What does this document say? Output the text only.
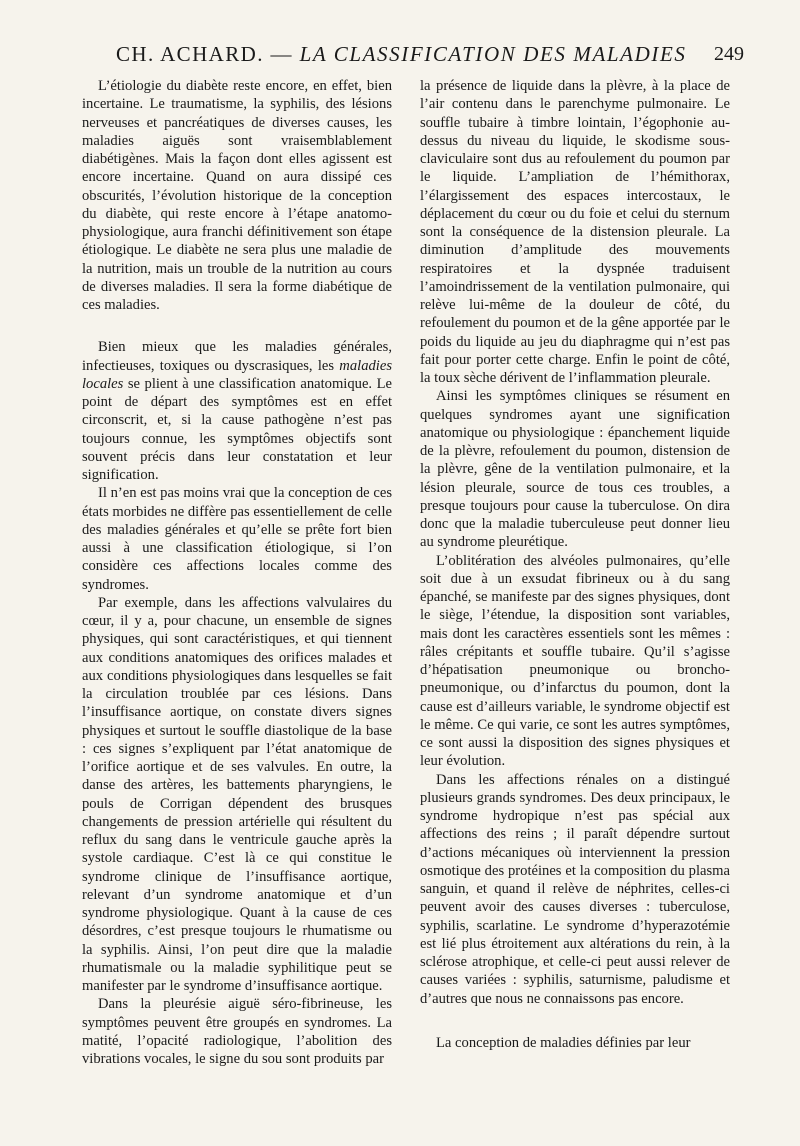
CH. ACHARD. — LA CLASSIFICATION DES MALADIES 249

L’étiologie du diabète reste encore, en effet, bien incertaine. Le traumatisme, la syphilis, des lésions nerveuses et pancréatiques de diverses causes, les maladies aiguës sont vraisemblablement diabétigènes. Mais la façon dont elles agissent est encore incertaine. Quand on aura dissipé ces obscurités, l’évolution historique de la conception du diabète, qui reste encore à l’étape anatomo-physiologique, aura franchi définitivement son étape étiologique. Le diabète ne sera plus une maladie de la nutrition, mais un trouble de la nutrition au cours de diverses maladies. Il sera la forme diabétique de ces maladies.

Bien mieux que les maladies générales, infectieuses, toxiques ou dyscrasiques, les maladies locales se plient à une classification anatomique. Le point de départ des symptômes est en effet circonscrit, et, si la cause pathogène n’est pas toujours connue, les symptômes objectifs sont souvent précis dans leur constatation et leur signification.

Il n’en est pas moins vrai que la conception de ces états morbides ne diffère pas essentiellement de celle des maladies générales et qu’elle se prête fort bien aussi à une classification étiologique, si l’on considère ces affections locales comme des syndromes.

Par exemple, dans les affections valvulaires du cœur, il y a, pour chacune, un ensemble de signes physiques, qui sont caractéristiques, et qui tiennent aux conditions anatomiques des orifices malades et aux conditions physiologiques dans lesquelles se fait la circulation troublée par ces lésions. Dans l’insuffisance aortique, on constate divers signes physiques et surtout le souffle diastolique de la base : ces signes s’expliquent par l’état anatomique de l’orifice aortique et de ses valvules. En outre, la danse des artères, les battements pharyngiens, le pouls de Corrigan dépendent des brusques changements de pression artérielle qui résultent du reflux du sang dans le ventricule gauche après la systole cardiaque. C’est là ce qui constitue le syndrome clinique de l’insuffisance aortique, relevant d’un syndrome anatomique et d’un syndrome physiologique. Quant à la cause de ces désordres, c’est presque toujours le rhumatisme ou la syphilis. Ainsi, l’on peut dire que la maladie rhumatismale ou la maladie syphilitique peut se manifester par le syndrome d’insuffisance aortique.

Dans la pleurésie aiguë séro-fibrineuse, les symptômes peuvent être groupés en syndromes. La matité, l’opacité radiologique, l’abolition des vibrations vocales, le signe du sou sont produits par

la présence de liquide dans la plèvre, à la place de l’air contenu dans le parenchyme pulmonaire. Le souffle tubaire à timbre lointain, l’égophonie au-dessus du niveau du liquide, le skodisme sous-claviculaire sont dus au refoulement du poumon par le liquide. L’ampliation de l’hémithorax, l’élargissement des espaces intercostaux, le déplacement du cœur ou du foie et celui du sternum sont la conséquence de la distension pleurale. La diminution d’amplitude des mouvements respiratoires et la dyspnée traduisent l’amoindrissement de la ventilation pulmonaire, qui relève lui-même de la douleur de côté, du refoulement du poumon et de la gêne apportée par le poids du liquide au jeu du diaphragme qui n’est pas fait pour porter cette charge. Enfin le point de côté, la toux sèche dérivent de l’inflammation pleurale.

Ainsi les symptômes cliniques se résument en quelques syndromes ayant une signification anatomique ou physiologique : épanchement liquide de la plèvre, refoulement du poumon, distension de la plèvre, gêne de la ventilation pulmonaire, et la lésion pleurale, source de tous ces troubles, a presque toujours pour cause la tuberculose. On dira donc que la maladie tuberculeuse peut donner lieu au syndrome pleurétique.

L’oblitération des alvéoles pulmonaires, qu’elle soit due à un exsudat fibrineux ou à du sang épanché, se manifeste par des signes physiques, dont le siège, l’étendue, la disposition sont variables, mais dont les caractères essentiels sont les mêmes : râles crépitants et souffle tubaire. Qu’il s’agisse d’hépatisation pneumonique ou broncho-pneumonique, ou d’infarctus du poumon, dont la cause est d’ailleurs variable, le syndrome objectif est le même. Ce qui varie, ce sont les autres symptômes, ce sont aussi la disposition des signes physiques et leur évolution.

Dans les affections rénales on a distingué plusieurs grands syndromes. Des deux principaux, le syndrome hydropique n’est pas spécial aux affections des reins ; il paraît dépendre surtout d’actions mécaniques où interviennent la pression osmotique des protéines et la composition du plasma sanguin, et quand il relève de néphrites, celles-ci peuvent avoir des causes diverses : tuberculose, syphilis, scarlatine. Le syndrome d’hyperazotémie est lié plus étroitement aux altérations du rein, à la sclérose atrophique, et celle-ci peut aussi relever de causes variées : syphilis, saturnisme, paludisme et d’autres que nous ne connaissons pas encore.

La conception de maladies définies par leur
